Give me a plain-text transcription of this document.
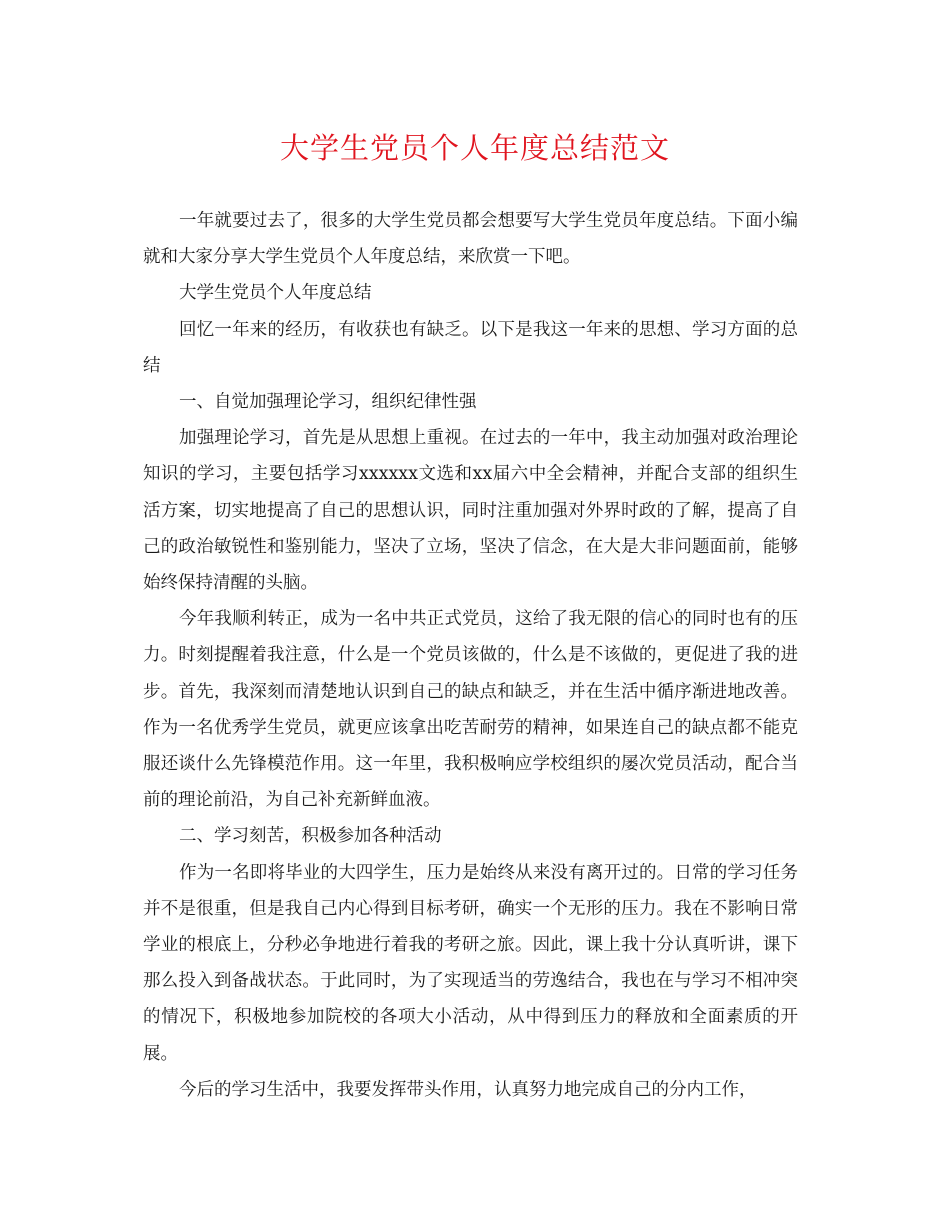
大学生党员个人年度总结范文

一年就要过去了，很多的大学生党员都会想要写大学生党员年度总结。下面小编就和大家分享大学生党员个人年度总结，来欣赏一下吧。

大学生党员个人年度总结

回忆一年来的经历，有收获也有缺乏。以下是我这一年来的思想、学习方面的总结

一、自觉加强理论学习，组织纪律性强

加强理论学习，首先是从思想上重视。在过去的一年中，我主动加强对政治理论知识的学习，主要包括学习xxxxxx文选和xx届六中全会精神，并配合支部的组织生活方案，切实地提高了自己的思想认识，同时注重加强对外界时政的了解，提高了自己的政治敏锐性和鉴别能力，坚决了立场，坚决了信念，在大是大非问题面前，能够始终保持清醒的头脑。

今年我顺利转正，成为一名中共正式党员，这给了我无限的信心的同时也有的压力。时刻提醒着我注意，什么是一个党员该做的，什么是不该做的，更促进了我的进步。首先，我深刻而清楚地认识到自己的缺点和缺乏，并在生活中循序渐进地改善。作为一名优秀学生党员，就更应该拿出吃苦耐劳的精神，如果连自己的缺点都不能克服还谈什么先锋模范作用。这一年里，我积极响应学校组织的屡次党员活动，配合当前的理论前沿，为自己补充新鲜血液。

二、学习刻苦，积极参加各种活动

作为一名即将毕业的大四学生，压力是始终从来没有离开过的。日常的学习任务并不是很重，但是我自己内心得到目标考研，确实一个无形的压力。我在不影响日常学业的根底上，分秒必争地进行着我的考研之旅。因此，课上我十分认真听讲，课下那么投入到备战状态。于此同时，为了实现适当的劳逸结合，我也在与学习不相冲突的情况下，积极地参加院校的各项大小活动，从中得到压力的释放和全面素质的开展。

今后的学习生活中，我要发挥带头作用，认真努力地完成自己的分内工作，
